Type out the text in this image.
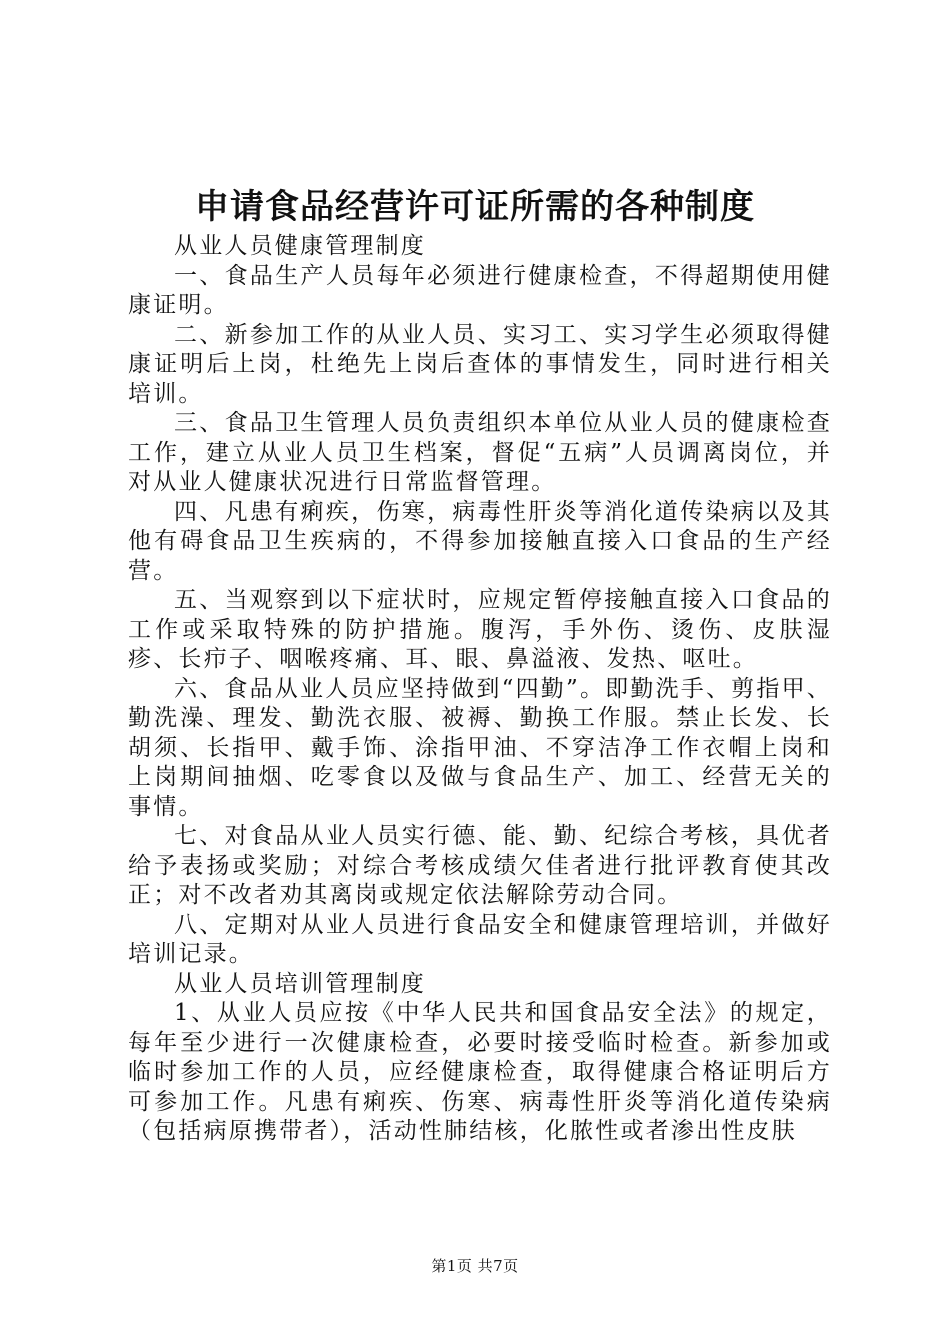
申请食品经营许可证所需的各种制度

从业人员健康管理制度

一、食品生产人员每年必须进行健康检查，不得超期使用健康证明。

二、新参加工作的从业人员、实习工、实习学生必须取得健康证明后上岗，杜绝先上岗后查体的事情发生，同时进行相关培训。

三、食品卫生管理人员负责组织本单位从业人员的健康检查工作，建立从业人员卫生档案，督促“五病”人员调离岗位，并对从业人健康状况进行日常监督管理。

四、凡患有痢疾，伤寒，病毒性肝炎等消化道传染病以及其他有碍食品卫生疾病的，不得参加接触直接入口食品的生产经营。

五、当观察到以下症状时，应规定暂停接触直接入口食品的工作或采取特殊的防护措施。腹泻，手外伤、烫伤、皮肤湿疹、长疖子、咽喉疼痛、耳、眼、鼻溢液、发热、呕吐。

六、食品从业人员应坚持做到“四勤”。即勤洗手、剪指甲、勤洗澡、理发、勤洗衣服、被褥、勤换工作服。禁止长发、长胡须、长指甲、戴手饰、涂指甲油、不穿洁净工作衣帽上岗和上岗期间抽烟、吃零食以及做与食品生产、加工、经营无关的事情。

七、对食品从业人员实行德、能、勤、纪综合考核，具优者给予表扬或奖励；对综合考核成绩欠佳者进行批评教育使其改正；对不改者劝其离岗或规定依法解除劳动合同。

八、定期对从业人员进行食品安全和健康管理培训，并做好培训记录。

从业人员培训管理制度

1、从业人员应按《中华人民共和国食品安全法》的规定，每年至少进行一次健康检查，必要时接受临时检查。新参加或临时参加工作的人员，应经健康检查，取得健康合格证明后方可参加工作。凡患有痢疾、伤寒、病毒性肝炎等消化道传染病（包括病原携带者），活动性肺结核，化脓性或者渗出性皮肤

第1页 共7页
